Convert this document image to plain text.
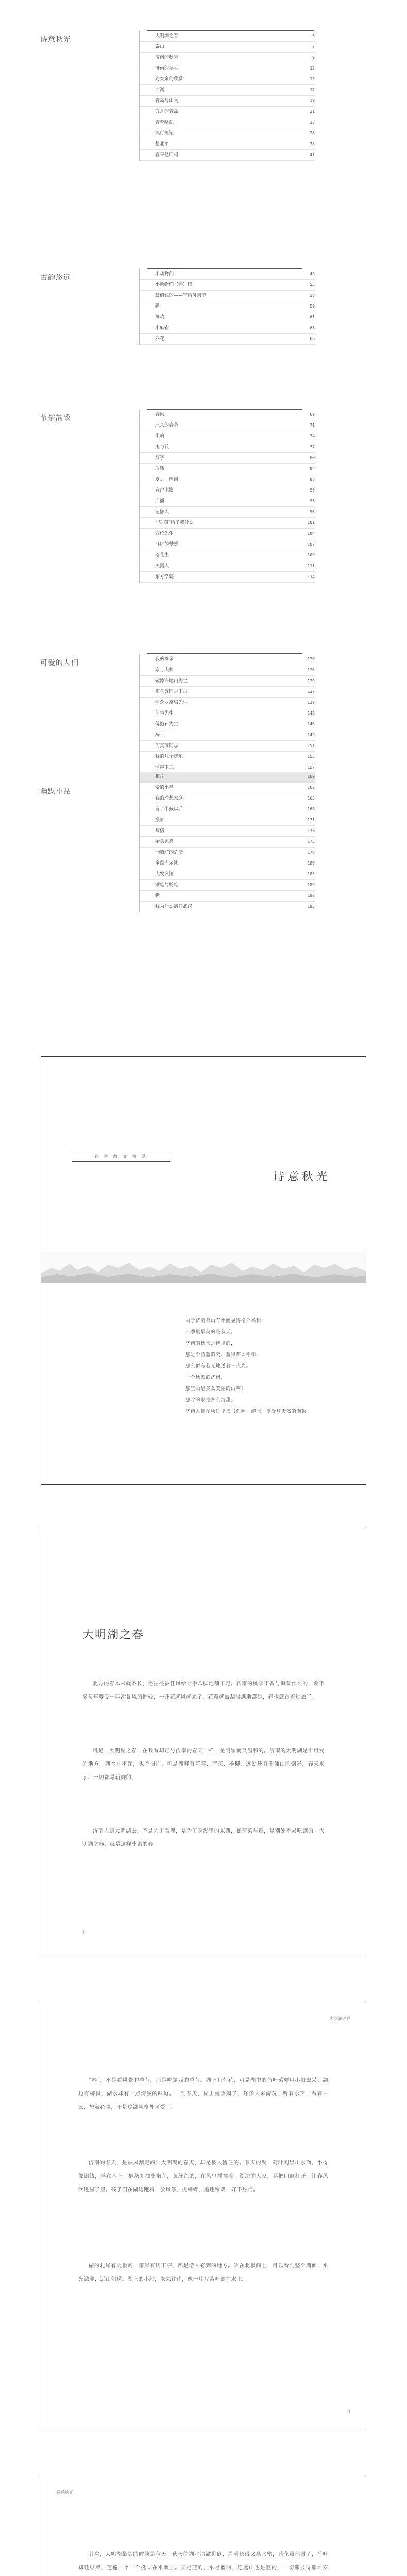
诗意秋光	大明湖之春	3
泰山	7
济南的秋天	9
济南的冬天	12
趵突泉的欣赏	15
西湖	17
青岛与山大	19
五月的青岛	21
青蓉略记	23
滇行短记	28
想北平	38
春来忆广州	41
古韵悠远	小动物们	49
小动物们（鸽）续	55
最值钱的——写给母亲节	58
猫	59
母鸡	61
小麻雀	63
养花	66
节俗韵致	春风	69
北京的春节	71
小病	74
鬼与狐	77
写字	80
取钱	84
夏之一周间	88
有声电影	90
广播	93
记懒人	96
“五·四”给了我什么	101
四位先生	104
“住”的梦想	107
落花生	109
英国人	111
东方学院	114
可爱的人们	我的母亲	120
宗月大师	126
敬悼许地山先生	129
梅兰芳同志千古	137
悼念罗常培先生	139
何容先生	142
傅抱石先生	146
辞工	149
何其芳同志	151
我的几个房东	155
悼赵玉三	157
幽默小品
相片	160
爱的小鸟	162
我的理想家庭	165
有了小孩以后	168
搬家	171
写信	173
抬头见喜	175
“幽默”的危险	178
多鼠斋杂谈	180
大发议论	185
钢笔与粉笔	189
狗	192
我为什么离开武汉	195
老 舍 散 文 精 选
诗意秋光
由于济南有山有水而显得格外柔和，
三季里最美的是秋天。
济南的秋天是诗境的，
那是个蓝蓝的天，蓝得那么平和，
那么似有若无地透着一点光。
一个秋天的济南，
那些山是多么美丽的山啊！
那时的泉是多么清甜，
济南人便在秋日里读书作画、游园，享受这天然的韵致。
大明湖之春
北方的春本来就不长，还往往被狂风给七手八脚地刮了走。济南的桃李丁香与海棠什么的，差不多每年要受一两次暴风的摧残，一开花就风就来了，花瓣就被刮得满地都是，春也就跟着过去了。
可是，大明湖之春，在我看却正与济南的春天一样，是明媚而又温和的。济南的大明湖是个可爱的地方，湖水并不深，也不很广，可是湖畔有芦苇、荷花、杨柳，远处还有千佛山的倒影，春天来了，一切都是新鲜的。
济南人到大明湖去，不是为了看湖，是为了吃湖里的东西，如蒲菜与藕，是别处不易吃到的。大明湖之春，就是这样朴素的春。
3
大明湖之春
“春”，不是看风景的季节，而是吃东西的季节。湖上有荷花，可是湖中的荷叶菜要用小船去采；湖边有柳树，湖水却有一点清浅的味道。一到春天，湖上就热闹了，许多人来游玩，听着水声，看着白云，想着心事，于是这湖就格外可爱了。
济南的春天，是被风刮走的；大明湖的春天，却是被人留住的。春天的湖，荷叶刚冒出水面，小得像铜钱，浮在水上；柳条刚抽出嫩芽，黄绿色的，在风里摇摆着。湖边的人家，都把门窗打开，让春风吹进屋子里。孩子们在湖边跑着，放风筝，捉蝴蝶，追逐嬉戏，好不热闹。
湖的北岸有北极阁，南岸有历下亭，都是游人必到的地方。站在北极阁上，可以看到整个湖面，水光潋滟，远山如黛。湖上的小船，来来往往，像一片片落叶漂在水上。
4
诗意秋光
其实，大明湖最美的时候是秋天。秋天的湖水清澈见底，芦苇长得又高又密，荷花虽然谢了，荷叶却还绿着，莲蓬一个一个挺立在水面上。天是蓝的，水是蓝的，连远山也是蓝的，一切都显得那么安
